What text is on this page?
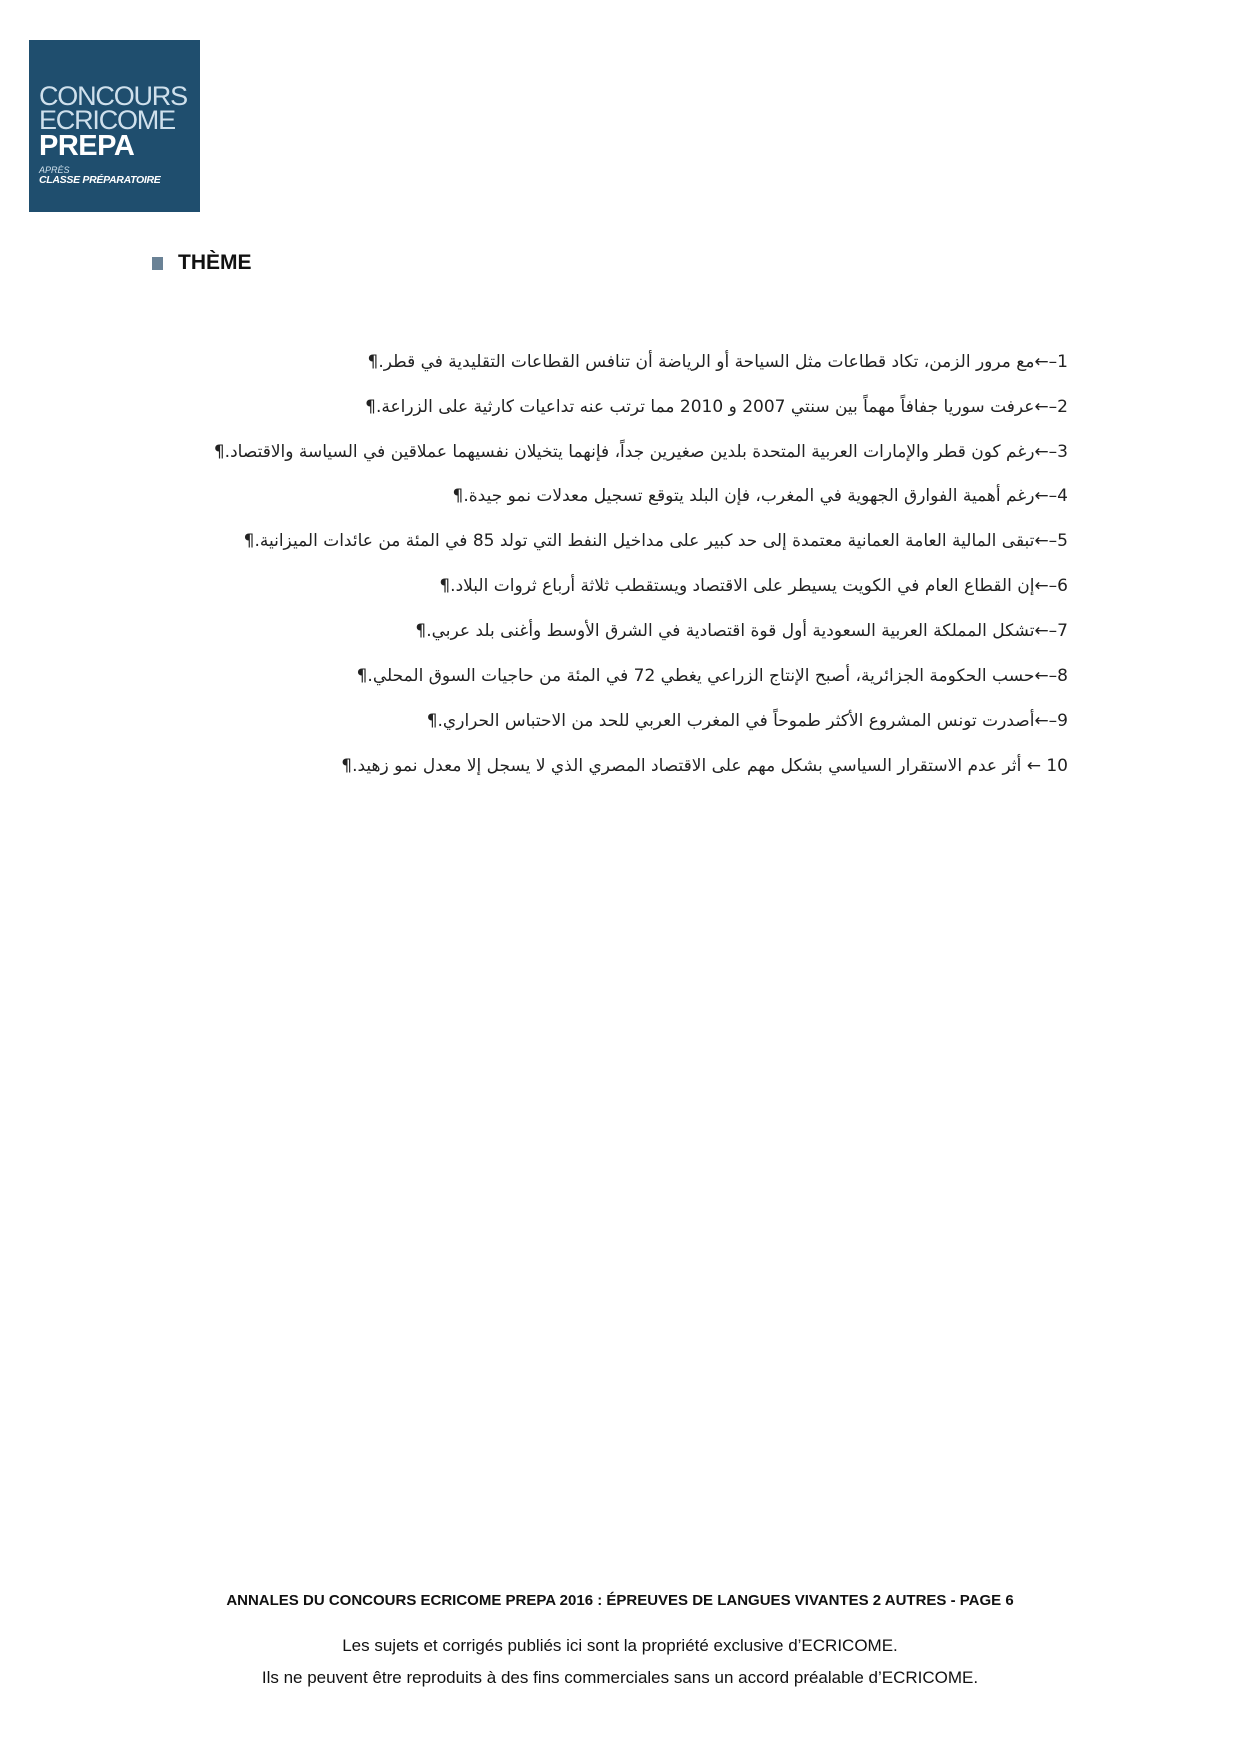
CONCOURS
ECRICOME
PREPA
APRÈS
CLASSE PRÉPARATOIRE
THÈME
1–←مع مرور الزمن، تكاد قطاعات مثل السياحة أو الرياضة أن تنافس القطاعات التقليدية في قطر.¶
2–←عرفت سوريا جفافاً مهماً بين سنتي 2007 و 2010 مما ترتب عنه تداعيات كارثية على الزراعة.¶
3–←رغم كون قطر والإمارات العربية المتحدة بلدين صغيرين جداً، فإنهما يتخيلان نفسيهما عملاقين في السياسة والاقتصاد.¶
4–←رغم أهمية الفوارق الجهوية في المغرب، فإن البلد يتوقع تسجيل معدلات نمو جيدة.¶
5–←تبقى المالية العامة العمانية معتمدة إلى حد كبير على مداخيل النفط التي تولد 85 في المئة من عائدات الميزانية.¶
6–←إن القطاع العام في الكويت يسيطر على الاقتصاد ويستقطب ثلاثة أرباع ثروات البلاد.¶
7–←تشكل المملكة العربية السعودية أول قوة اقتصادية في الشرق الأوسط وأغنى بلد عربي.¶
8–←حسب الحكومة الجزائرية، أصبح الإنتاج الزراعي يغطي 72 في المئة من حاجيات السوق المحلي.¶
9–←أصدرت تونس المشروع الأكثر طموحاً في المغرب العربي للحد من الاحتباس الحراري.¶
10 ← أثر عدم الاستقرار السياسي بشكل مهم على الاقتصاد المصري الذي لا يسجل إلا معدل نمو زهيد.¶
ANNALES DU CONCOURS ECRICOME PREPA 2016 : ÉPREUVES DE LANGUES VIVANTES 2 AUTRES - PAGE 6
Les sujets et corrigés publiés ici sont la propriété exclusive d’ECRICOME.
Ils ne peuvent être reproduits à des fins commerciales sans un accord préalable d’ECRICOME.
